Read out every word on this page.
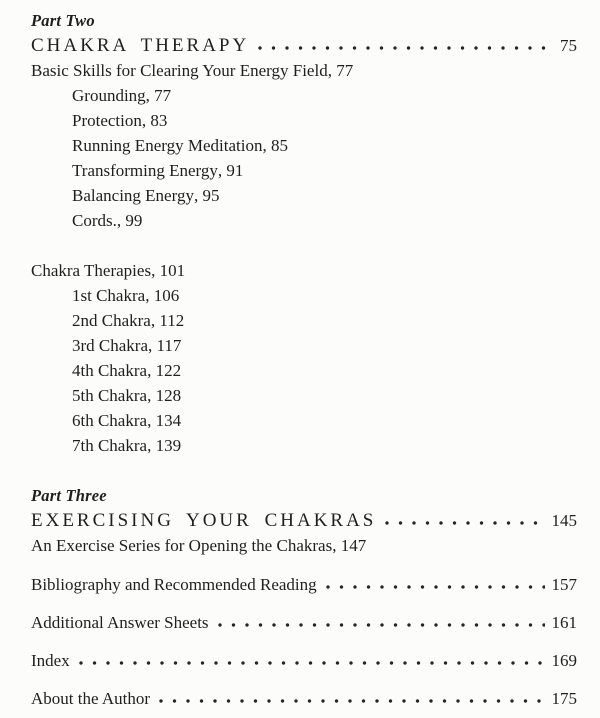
Part Two
CHAKRA THERAPY	75
Basic Skills for Clearing Your Energy Field , 77
Grounding , 77
Protection , 83
Running Energy Meditation , 85
Transforming Energy , 91
Balancing Energy , 95
Cords. , 99
Chakra Therapies , 101
1st Chakra , 106
2nd Chakra , 112
3rd Chakra , 117
4th Chakra , 122
5th Chakra , 128
6th Chakra , 134
7th Chakra , 139
Part Three
EXERCISING YOUR CHAKRAS	145
An Exercise Series for Opening the Chakras , 147
Bibliography and Recommended Reading	157
Additional Answer Sheets	161
Index	169
About the Author	175
